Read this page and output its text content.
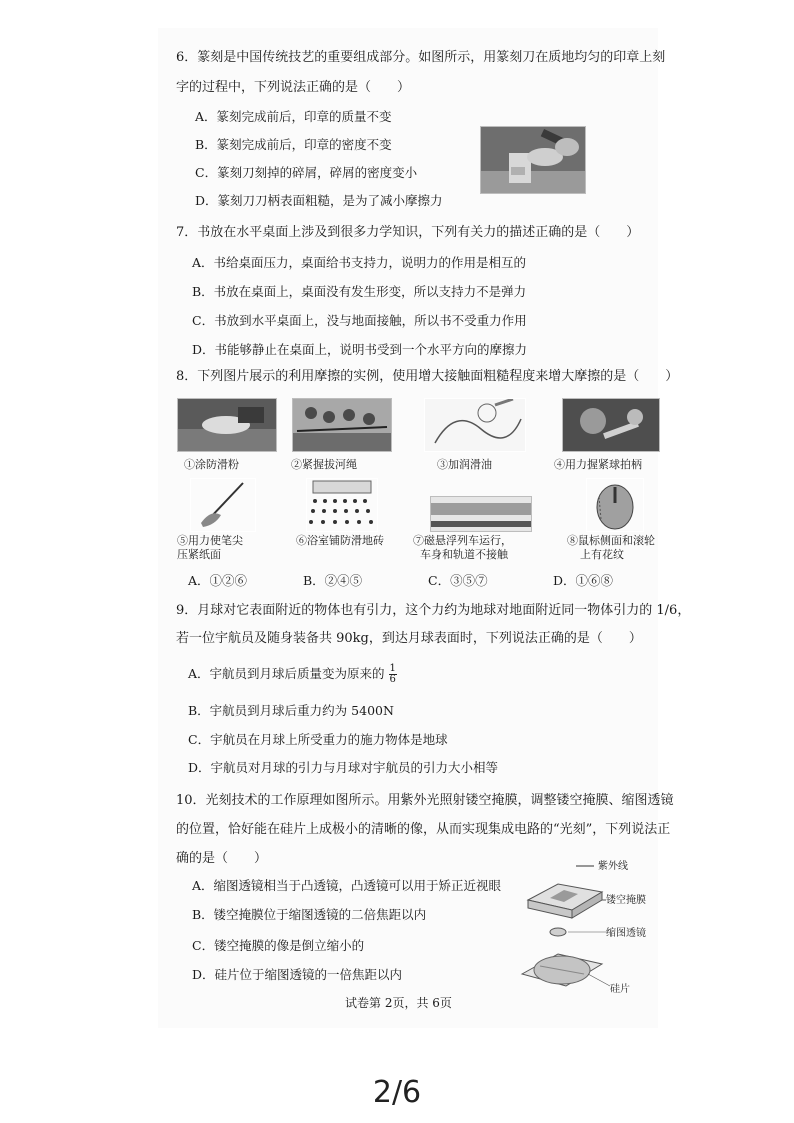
6．篆刻是中国传统技艺的重要组成部分。如图所示，用篆刻刀在质地均匀的印章上刻
字的过程中，下列说法正确的是（　　）
A．篆刻完成前后，印章的质量不变
B．篆刻完成前后，印章的密度不变
C．篆刻刀刻掉的碎屑，碎屑的密度变小
D．篆刻刀刀柄表面粗糙，是为了减小摩擦力
7．书放在水平桌面上涉及到很多力学知识，下列有关力的描述正确的是（　　）
A．书给桌面压力，桌面给书支持力，说明力的作用是相互的
B．书放在桌面上，桌面没有发生形变，所以支持力不是弹力
C．书放到水平桌面上，没与地面接触，所以书不受重力作用
D．书能够静止在桌面上，说明书受到一个水平方向的摩擦力
8．下列图片展示的利用摩擦的实例，使用增大接触面粗糙程度来增大摩擦的是（　　）
①涂防滑粉	②紧握拔河绳	③加润滑油	④用力握紧球拍柄
⑤用力使笔尖
压紧纸面
⑥浴室铺防滑地砖	⑦磁悬浮列车运行，
车身和轨道不接触
⑧鼠标侧面和滚轮
上有花纹
A．①②⑥	B．②④⑤	C．③⑤⑦	D．①⑥⑧
9．月球对它表面附近的物体也有引力，这个力约为地球对地面附近同一物体引力的 1/6，
若一位宇航员及随身装备共 90kg，到达月球表面时，下列说法正确的是（　　）
A．宇航员到月球后质量变为原来的 $\frac{1}{6}$
B．宇航员到月球后重力约为 5400N
C．宇航员在月球上所受重力的施力物体是地球
D．宇航员对月球的引力与月球对宇航员的引力大小相等
10．光刻技术的工作原理如图所示。用紫外光照射镂空掩膜，调整镂空掩膜、缩图透镜
的位置，恰好能在硅片上成极小的清晰的像，从而实现集成电路的“光刻”，下列说法正
确的是（　　）
A．缩图透镜相当于凸透镜，凸透镜可以用于矫正近视眼
B．镂空掩膜位于缩图透镜的二倍焦距以内
C．镂空掩膜的像是倒立缩小的
D．硅片位于缩图透镜的一倍焦距以内
紫外线
镂空掩膜
缩图透镜
硅片
试卷第 2页，共 6页
2/6
